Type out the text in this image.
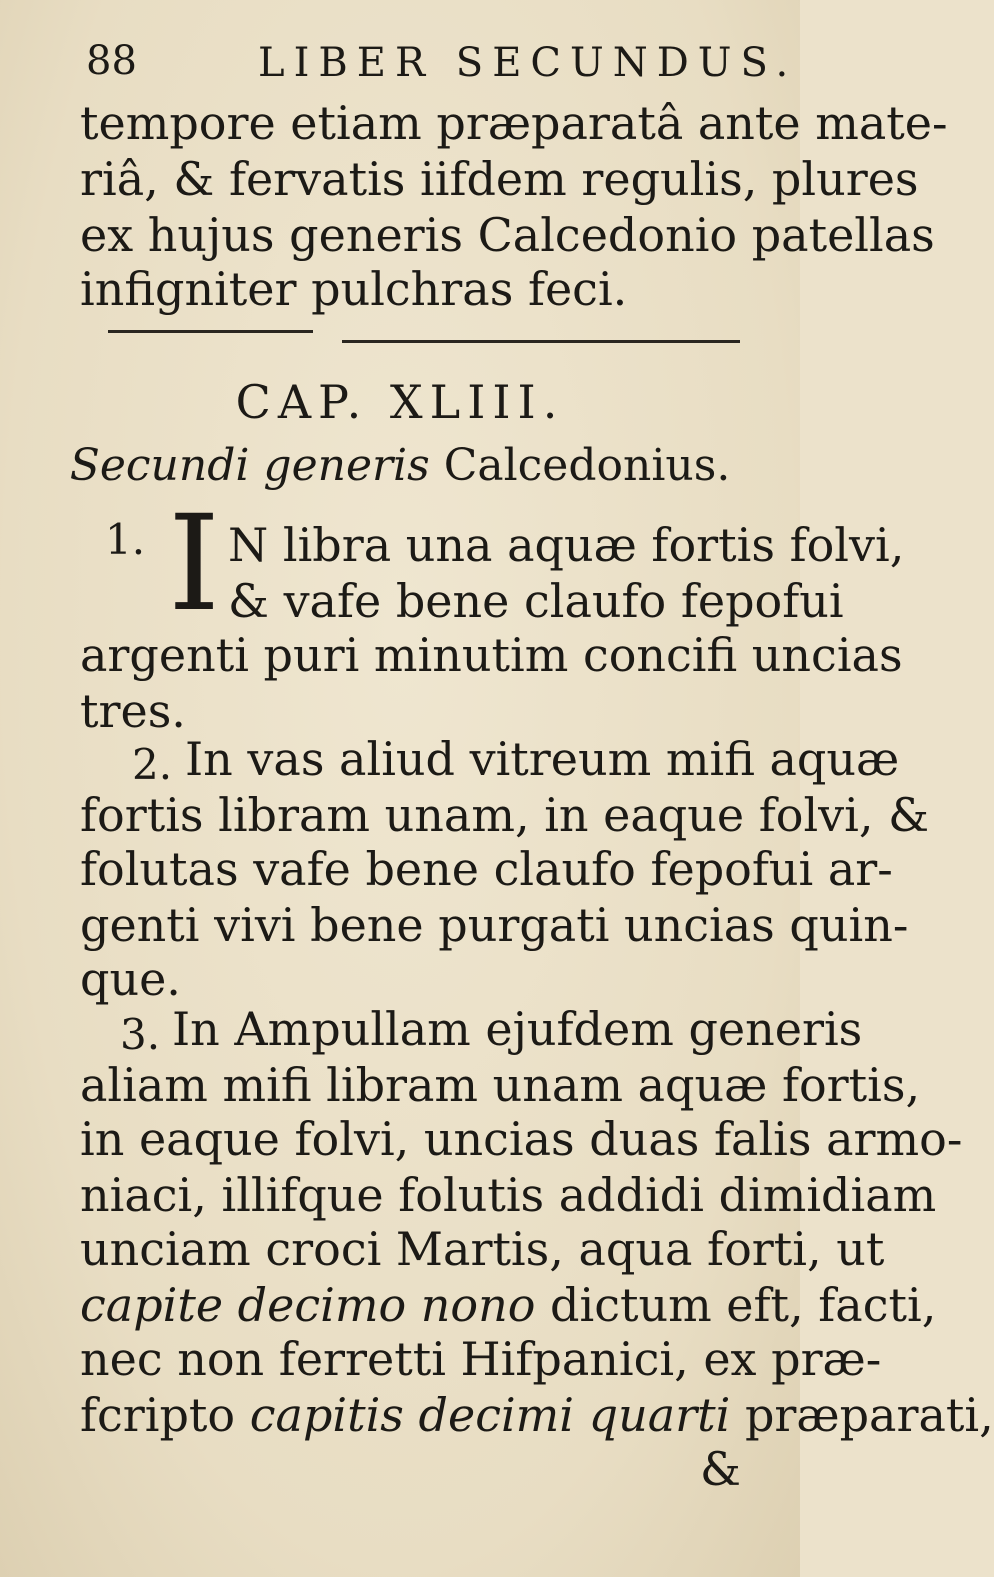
88	LIBER SECUNDUS.
tempore etiam præparatâ ante mate-
riâ, & fervatis iifdem regulis, plures
ex hujus generis Calcedonio patellas
infigniter pulchras feci.
CAP. XLIII.
Secundi generis Calcedonius.
1. I N libra una aquæ fortis folvi,
& vafe bene claufo fepofui
argenti puri minutim concifi uncias
tres.
2. In vas aliud vitreum mifi aquæ
fortis libram unam, in eaque folvi, &
folutas vafe bene claufo fepofui ar-
genti vivi bene purgati uncias quin-
que.
3. In Ampullam ejufdem generis
aliam mifi libram unam aquæ fortis,
in eaque folvi, uncias duas falis armo-
niaci, illifque folutis addidi dimidiam
unciam croci Martis, aqua forti, ut
capite decimo nono dictum eft, facti,
nec non ferretti Hifpanici, ex præ-
fcripto capitis decimi quarti præparati,
&
